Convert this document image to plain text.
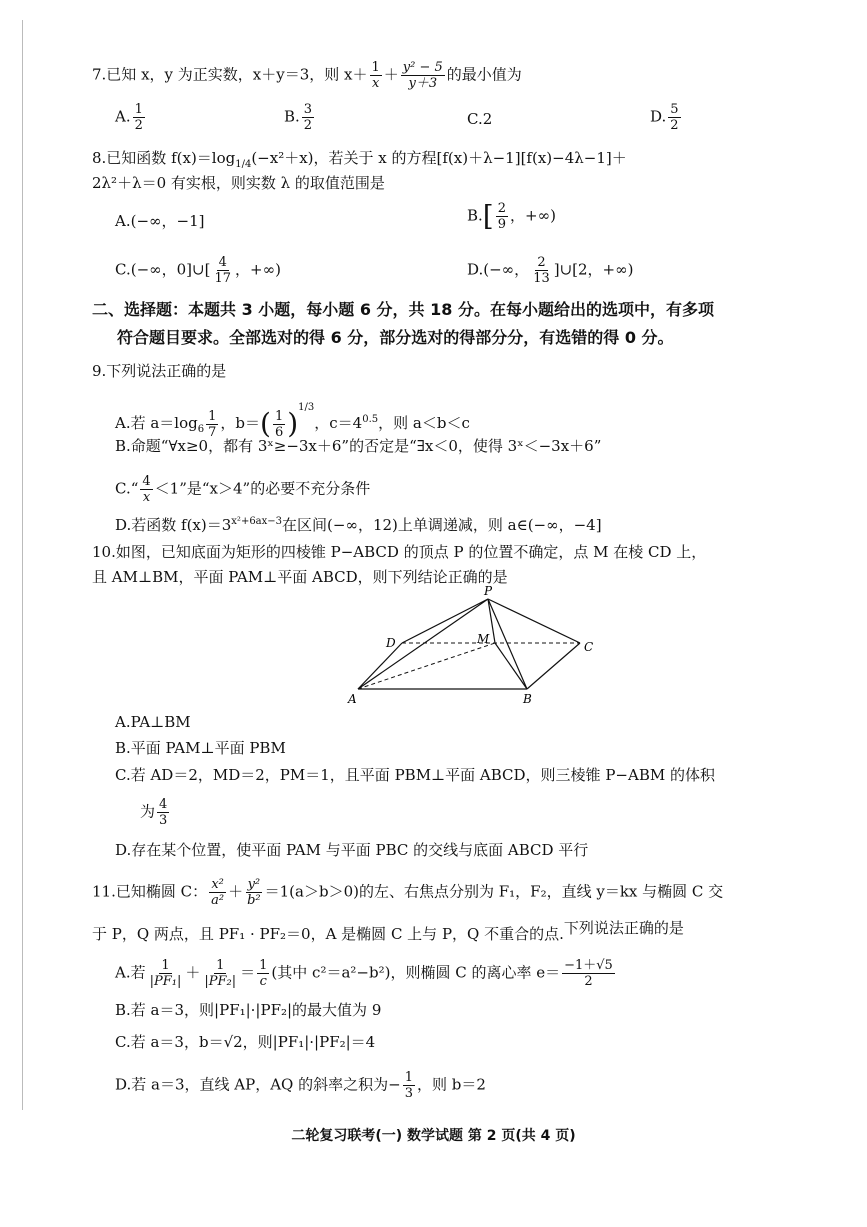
7.已知 x，y 为正实数，x＋y＝3，则 $x+ \frac{1}{x} + \frac{\text{y² − 5}}{y+3}$ 的最小值为
A. $\frac{1}{2}$	B. $\frac{3}{2}$	C.2	D. $\frac{5}{2}$
8.已知函数 $f(x)=\log_{1/4}(-x^2+x)$，若关于 x 的方程[f(x)＋λ−1][f(x)−4λ−1]＋
2λ²＋λ＝0 有实根，则实数 λ 的取值范围是
A.(−∞，−1]	$B.[ \frac{2}{9}$ ，+∞)
C.(−∞，0]∪[ $\frac{4}{17}$ ，+∞)	D.(−∞， $\frac{2}{13}$ ]∪[2，+∞)
二、选择题：本题共 3 小题，每小题 6 分，共 18 分。在每小题给出的选项中，有多项
符合题目要求。全部选对的得 6 分，部分选对的得部分分，有选错的得 0 分。
9.下列说法正确的是
A.若 $a=\log_6 \frac{1}{7}$ ，$b=( \frac{1}{6} )^{1/3}$，$c=4^{0.5}$，则 a＜b＜c
B.命题“∀x≥0，都有 3ˣ≥−3x＋6”的否定是“∃x＜0，使得 3ˣ＜−3x＋6”
C.“ $\frac{4}{x} <1$”是“x＞4”的必要不充分条件
D.若函数 $f(x)=3^{x^2+6ax-3}$在区间(−∞，12)上单调递减，则 a∈(−∞，−4]
10.如图，已知底面为矩形的四棱锥 P−ABCD 的顶点 P 的位置不确定，点 M 在棱 CD 上，
且 AM⊥BM，平面 PAM⊥平面 ABCD，则下列结论正确的是
P
D	M
C
A	B
A.PA⊥BM
B.平面 PAM⊥平面 PBM
C.若 AD＝2，MD＝2，PM＝1，且平面 PBM⊥平面 ABCD，则三棱锥 P−ABM 的体积
为 $\frac{4}{3}$
D.存在某个位置，使平面 PAM 与平面 PBC 的交线与底面 ABCD 平行
11.已知椭圆 C： $\frac{\text{x²}}{\text{a²}} + \frac{\text{y²}}{\text{b²}} =1(a>b>0)$的左、右焦点分别为 F₁，F₂，直线 y＝kx 与椭圆 C 交
于 P，Q 两点，且 PF₁ · PF₂＝0，A 是椭圆 C 上与 P，Q 不重合的点.下列说法正确的是
A.若 $\frac{1}{\text{|PF₁|}} + \frac{1}{\text{|PF₂|}} = \frac{1}{c}$ (其中 c²＝a²−b²)，则椭圆 C 的离心率 $e= \frac{-1+√5}{2}$
B.若 a＝3，则|PF₁|·|PF₂|的最大值为 9
C.若 a＝3，b＝√2，则|PF₁|·|PF₂|＝4
D.若 a＝3，直线 AP，AQ 的斜率之积为− $\frac{1}{3}$ ，则 b＝2
二轮复习联考(一) 数学试题 第 2 页(共 4 页)
